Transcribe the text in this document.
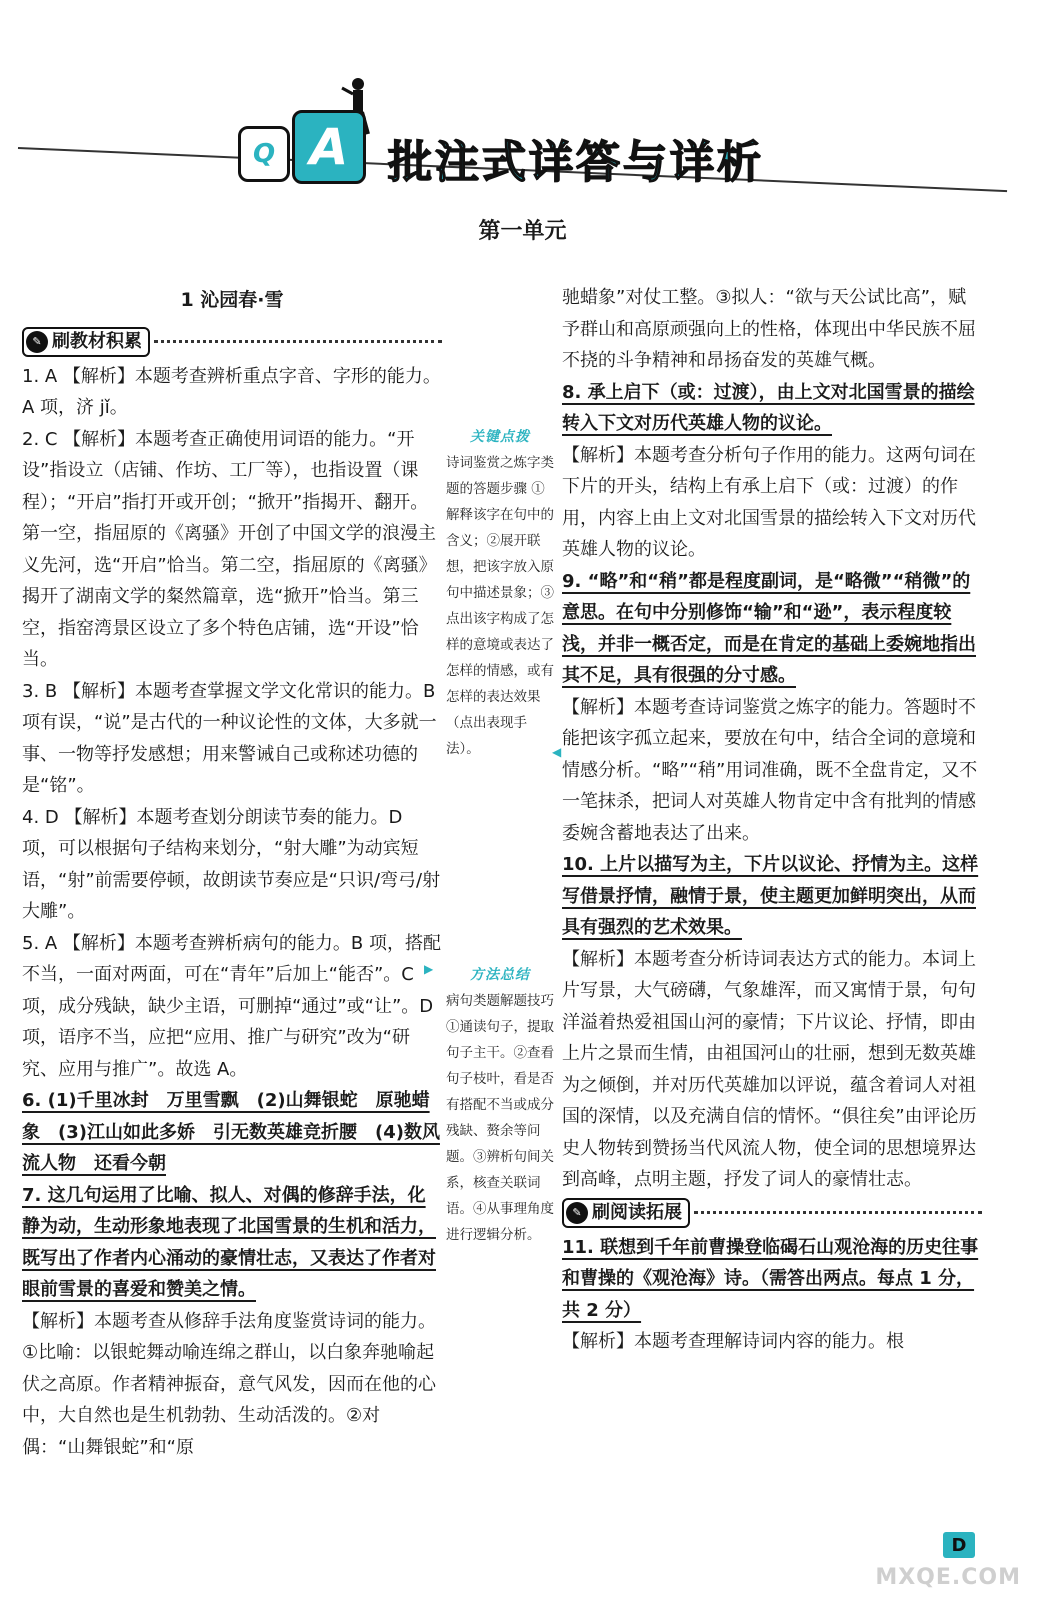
Q A 批注式详答与详析
第一单元

1 沁园春·雪

✎ 刷教材积累

1. A 【解析】本题考查辨析重点字音、字形的能力。A 项，济 jǐ。

2. C 【解析】本题考查正确使用词语的能力。“开设”指设立（店铺、作坊、工厂等），也指设置（课程）；“开启”指打开或开创；“掀开”指揭开、翻开。第一空，指屈原的《离骚》开创了中国文学的浪漫主义先河，选“开启”恰当。第二空，指屈原的《离骚》揭开了湖南文学的粲然篇章，选“掀开”恰当。第三空，指窑湾景区设立了多个特色店铺，选“开设”恰当。

3. B 【解析】本题考查掌握文学文化常识的能力。B 项有误，“说”是古代的一种议论性的文体，大多就一事、一物等抒发感想；用来警诫自己或称述功德的是“铭”。

4. D 【解析】本题考查划分朗读节奏的能力。D 项，可以根据句子结构来划分，“射大雕”为动宾短语，“射”前需要停顿，故朗读节奏应是“只识/弯弓/射大雕”。

5. A 【解析】本题考查辨析病句的能力。B 项，搭配不当，一面对两面，可在“青年”后加上“能否”。C 项，成分残缺，缺少主语，可删掉“通过”或“让”。D 项，语序不当，应把“应用、推广与研究”改为“研究、应用与推广”。故选 A。

6. (1)千里冰封　万里雪飘　(2)山舞银蛇　原驰蜡象　(3)江山如此多娇　引无数英雄竞折腰　(4)数风流人物　还看今朝

7. 这几句运用了比喻、拟人、对偶的修辞手法，化静为动，生动形象地表现了北国雪景的生机和活力，既写出了作者内心涌动的豪情壮志，又表达了作者对眼前雪景的喜爱和赞美之情。

【解析】本题考查从修辞手法角度鉴赏诗词的能力。①比喻：以银蛇舞动喻连绵之群山，以白象奔驰喻起伏之高原。作者精神振奋，意气风发，因而在他的心中，大自然也是生机勃勃、生动活泼的。②对偶：“山舞银蛇”和“原

关键点拨
诗词鉴赏之炼字类题的答题步骤 ①解释该字在句中的含义；②展开联想，把该字放入原句中描述景象；③点出该字构成了怎样的意境或表达了怎样的情感，或有怎样的表达效果（点出表现手法）。
方法总结
病句类题解题技巧 ①通读句子，提取句子主干。②查看句子枝叶，看是否有搭配不当或成分残缺、赘余等问题。③辨析句间关系，核查关联词语。④从事理角度进行逻辑分析。
◀
▶

驰蜡象”对仗工整。③拟人：“欲与天公试比高”，赋予群山和高原顽强向上的性格，体现出中华民族不屈不挠的斗争精神和昂扬奋发的英雄气概。

8. 承上启下（或：过渡），由上文对北国雪景的描绘转入下文对历代英雄人物的议论。

【解析】本题考查分析句子作用的能力。这两句词在下片的开头，结构上有承上启下（或：过渡）的作用，内容上由上文对北国雪景的描绘转入下文对历代英雄人物的议论。

9. “略”和“稍”都是程度副词，是“略微”“稍微”的意思。在句中分别修饰“输”和“逊”，表示程度较浅，并非一概否定，而是在肯定的基础上委婉地指出其不足，具有很强的分寸感。

【解析】本题考查诗词鉴赏之炼字的能力。答题时不能把该字孤立起来，要放在句中，结合全词的意境和情感分析。“略”“稍”用词准确，既不全盘肯定，又不一笔抹杀，把词人对英雄人物肯定中含有批判的情感委婉含蓄地表达了出来。

10. 上片以描写为主，下片以议论、抒情为主。这样写借景抒情，融情于景，使主题更加鲜明突出，从而具有强烈的艺术效果。

【解析】本题考查分析诗词表达方式的能力。本词上片写景，大气磅礴，气象雄浑，而又寓情于景，句句洋溢着热爱祖国山河的豪情；下片议论、抒情，即由上片之景而生情，由祖国河山的壮丽，想到无数英雄为之倾倒，并对历代英雄加以评说，蕴含着词人对祖国的深情，以及充满自信的情怀。“俱往矣”由评论历史人物转到赞扬当代风流人物，使全词的思想境界达到高峰，点明主题，抒发了词人的豪情壮志。

✎ 刷阅读拓展

11. 联想到千年前曹操登临碣石山观沧海的历史往事和曹操的《观沧海》诗。（需答出两点。每点 1 分，共 2 分）

【解析】本题考查理解诗词内容的能力。根

D
MXQE.COM
